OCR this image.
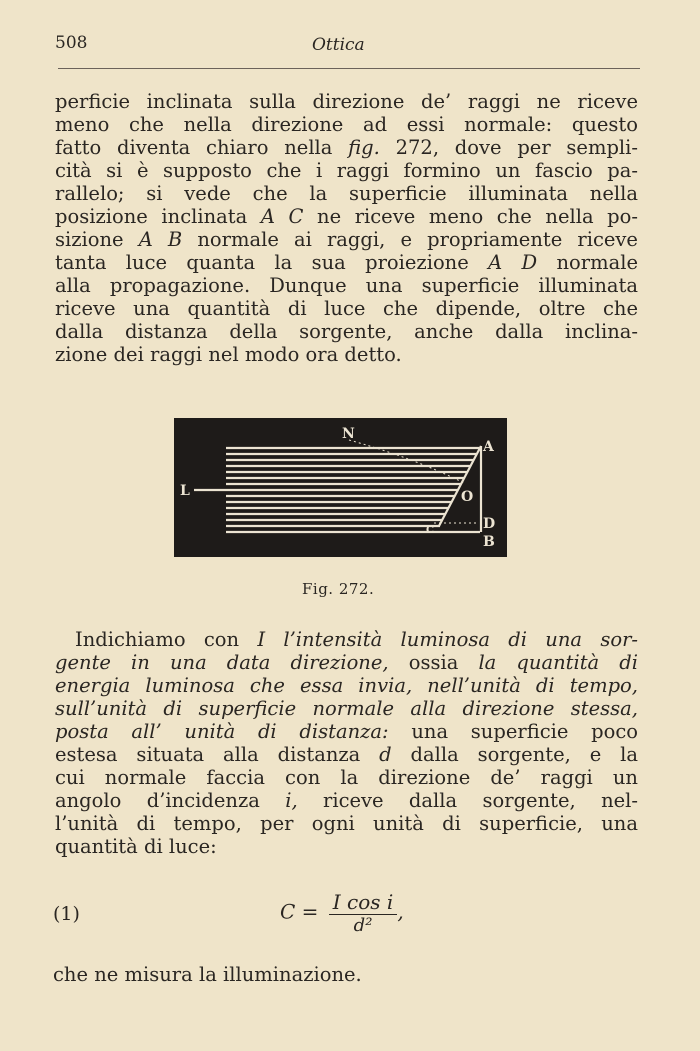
508	Ottica
perficie inclinata sulla direzione de’ raggi ne riceve
meno che nella direzione ad essi normale: questo
fatto diventa chiaro nella fig. 272, dove per sempli-
cità si è supposto che i raggi formino un fascio pa-
rallelo; si vede che la superficie illuminata nella
posizione inclinata A C ne riceve meno che nella po-
sizione A B normale ai raggi, e propriamente riceve
tanta luce quanta la sua proiezione A D normale
alla propagazione. Dunque una superficie illuminata
riceve una quantità di luce che dipende, oltre che
dalla distanza della sorgente, anche dalla inclina-
zione dei raggi nel modo ora detto.
N
A
L	O
D
B
C
Fig. 272.
Indichiamo con I l’intensità luminosa di una sor-
gente in una data direzione, ossia la quantità di
energia luminosa che essa invia, nell’unità di tempo,
sull’unità di superficie normale alla direzione stessa,
posta all’ unità di distanza: una superficie poco
estesa situata alla distanza d dalla sorgente, e la
cui normale faccia con la direzione de’ raggi un
angolo d’incidenza i, riceve dalla sorgente, nel-
l’unità di tempo, per ogni unità di superficie, una
quantità di luce:
(1)	$C = \frac{\text{I cos i}}{\text{d²}}$ ,
che ne misura la illuminazione.
